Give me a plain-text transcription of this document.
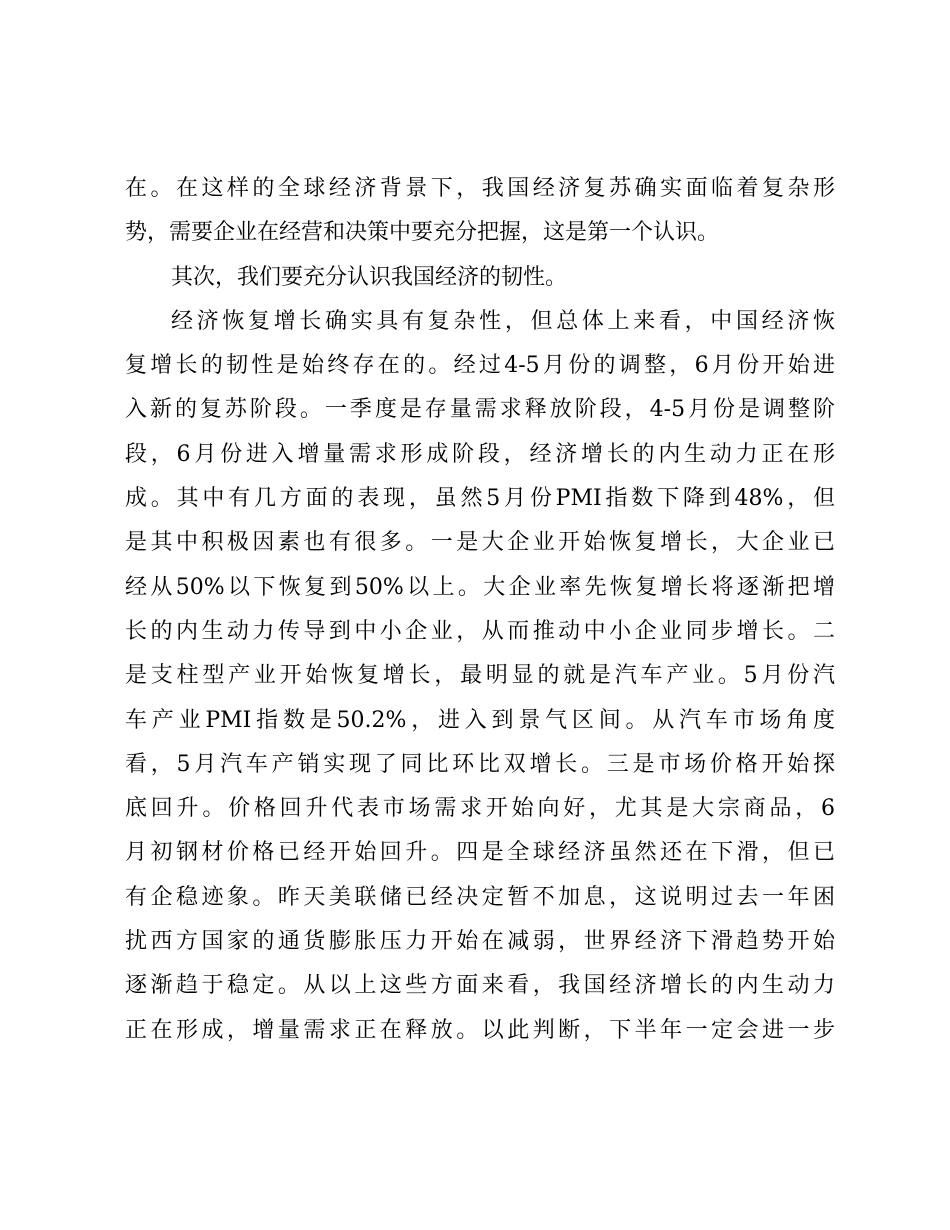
在。在这样的全球经济背景下，我国经济复苏确实面临着复杂形
势，需要企业在经营和决策中要充分把握，这是第一个认识。
其次，我们要充分认识我国经济的韧性。
经济恢复增长确实具有复杂性，但总体上来看，中国经济恢
复增长的韧性是始终存在的。经过4-5月份的调整，6月份开始进
入新的复苏阶段。一季度是存量需求释放阶段，4-5月份是调整阶
段，6月份进入增量需求形成阶段，经济增长的内生动力正在形
成。其中有几方面的表现，虽然5月份PMI指数下降到48%，但
是其中积极因素也有很多。一是大企业开始恢复增长，大企业已
经从50%以下恢复到50%以上。大企业率先恢复增长将逐渐把增
长的内生动力传导到中小企业，从而推动中小企业同步增长。二
是支柱型产业开始恢复增长，最明显的就是汽车产业。5月份汽
车产业PMI指数是50.2%，进入到景气区间。从汽车市场角度
看，5月汽车产销实现了同比环比双增长。三是市场价格开始探
底回升。价格回升代表市场需求开始向好，尤其是大宗商品，6
月初钢材价格已经开始回升。四是全球经济虽然还在下滑，但已
有企稳迹象。昨天美联储已经决定暂不加息，这说明过去一年困
扰西方国家的通货膨胀压力开始在减弱，世界经济下滑趋势开始
逐渐趋于稳定。从以上这些方面来看，我国经济增长的内生动力
正在形成，增量需求正在释放。以此判断，下半年一定会进一步
